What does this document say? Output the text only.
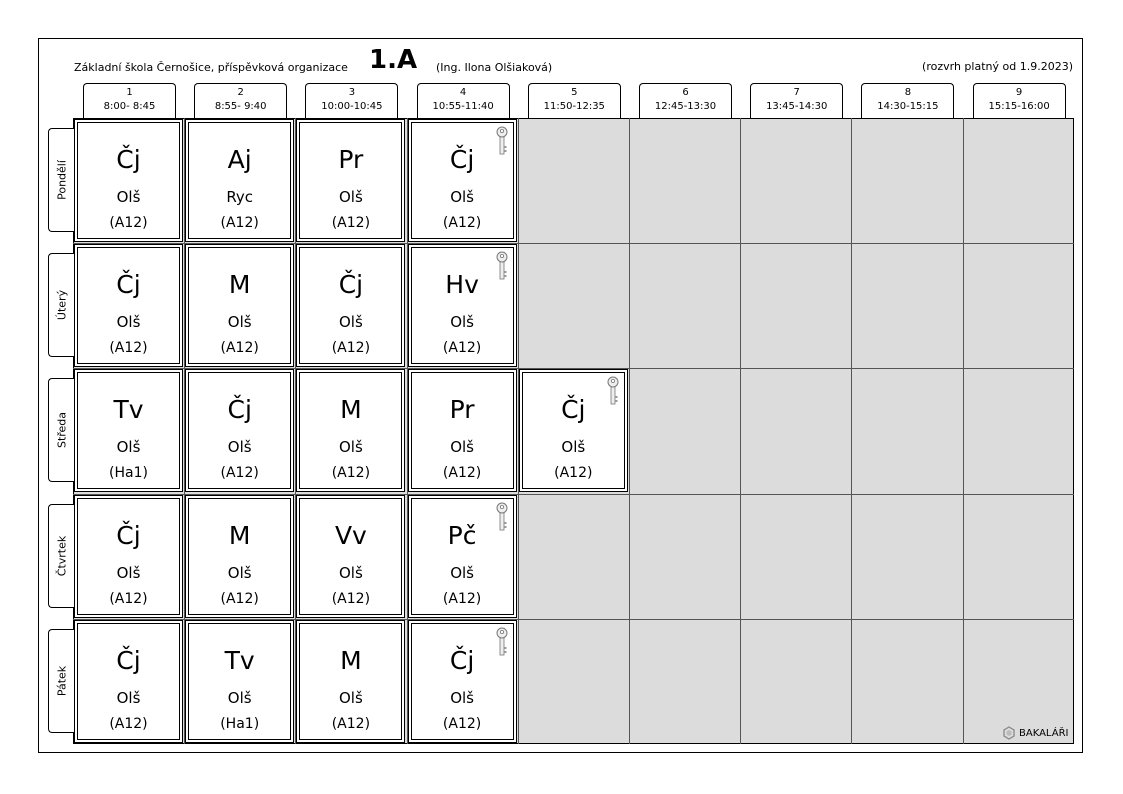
Základní škola Černošice, příspěvková organizace 1.A (Ing. Ilona Olšiaková)	(rozvrh platný od 1.9.2023)
1
8:00- 8:45
2
8:55- 9:40
3
10:00-10:45
4
10:55-11:40
5
11:50-12:35
6
12:45-13:30
7
13:45-14:30
8
14:30-15:15
9
15:15-16:00
Pondělí
Úterý
Středa
Čtvrtek
Pátek
Čj
Olš
(A12)
Aj
Ryc
(A12)
Pr
Olš
(A12)
Čj
Olš
(A12)
Čj
Olš
(A12)
M
Olš
(A12)
Čj
Olš
(A12)
Hv
Olš
(A12)
Tv
Olš
(Ha1)
Čj
Olš
(A12)
M
Olš
(A12)
Pr
Olš
(A12)
Čj
Olš
(A12)
Čj
Olš
(A12)
M
Olš
(A12)
Vv
Olš
(A12)
Pč
Olš
(A12)
Čj
Olš
(A12)
Tv
Olš
(Ha1)
M
Olš
(A12)
Čj
Olš
(A12)
BAKALÁŘI
